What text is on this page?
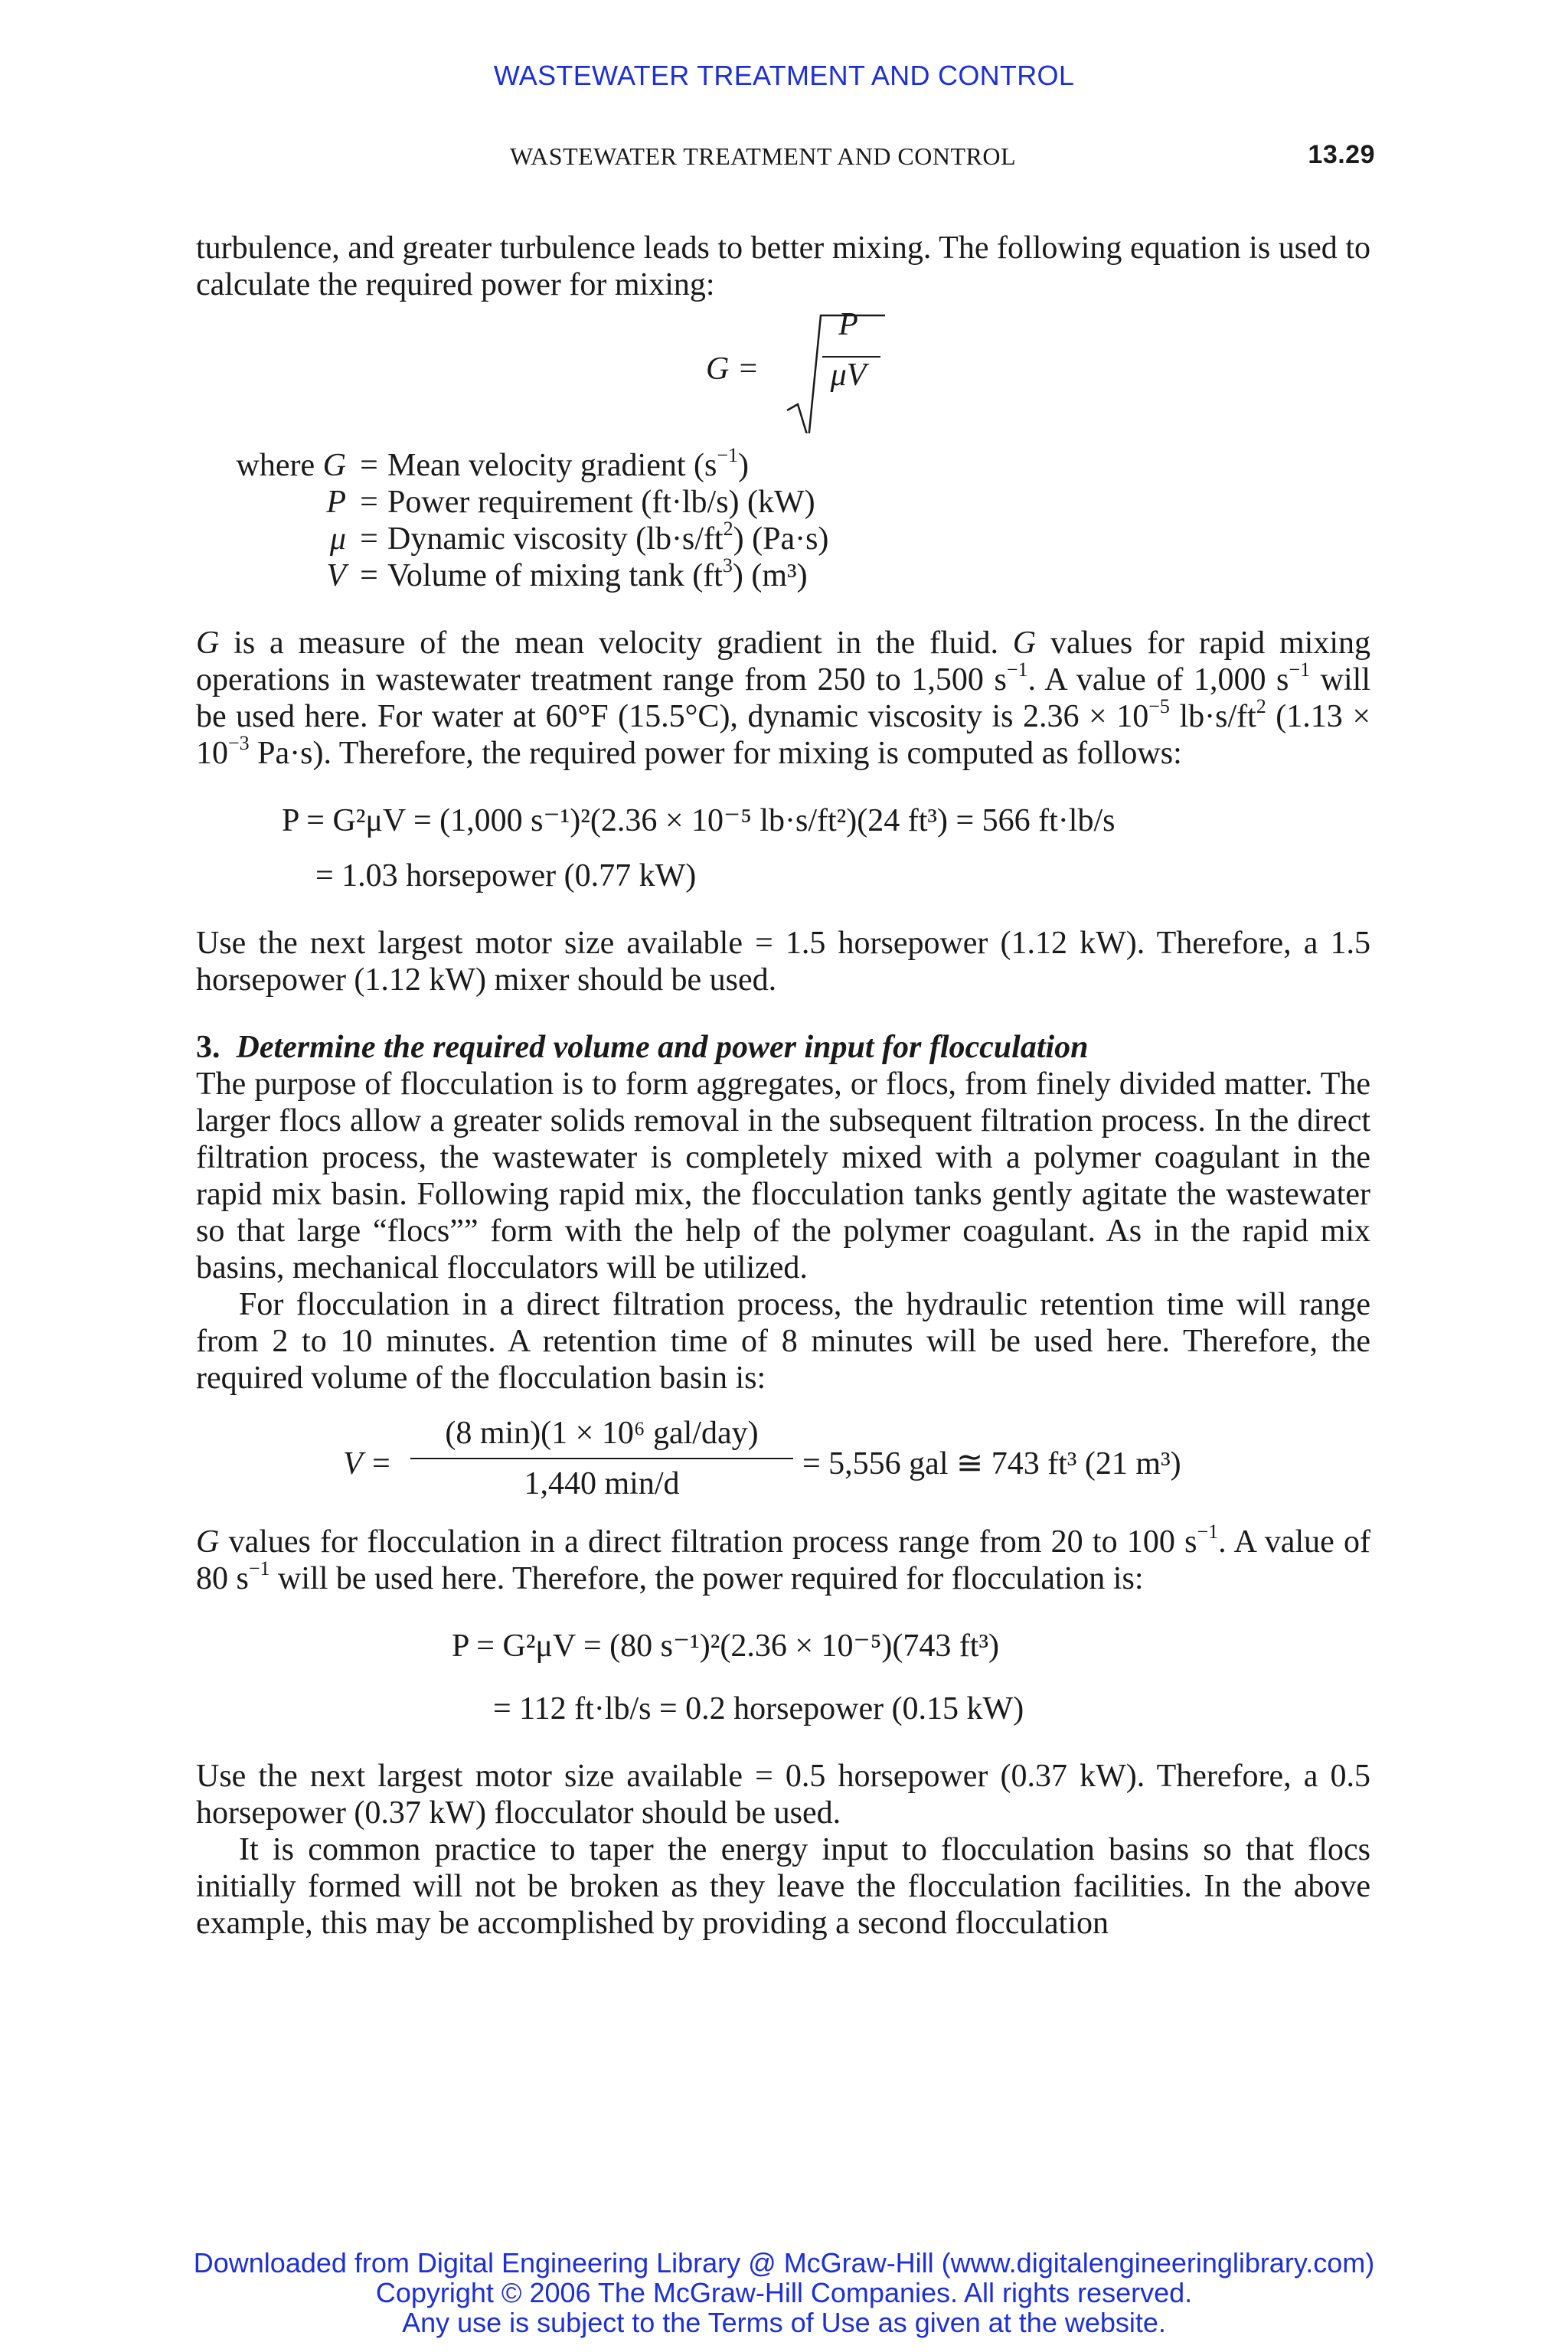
WASTEWATER TREATMENT AND CONTROL
WASTEWATER TREATMENT AND CONTROL	13.29

turbulence, and greater turbulence leads to better mixing. The following equation is used to calculate the required power for mixing:

G =
P
μV
where G = Mean velocity gradient $(s^{-1})$
P = Power requirement (ft·lb/s) (kW)
μ = Dynamic viscosity $(lb\cdot s/ft^2)$ (Pa·s)
V = Volume of mixing tank $(ft^3)$ (m³)

G is a measure of the mean velocity gradient in the fluid. G values for rapid mixing operations in wastewater treatment range from 250 to 1,500 $s^{-1}$. A value of 1,000 $s^{-1}$ will be used here. For water at 60°F (15.5°C), dynamic viscosity is $2.36 \times 10^{-5}$ $lb\cdot s/ft^2$ ($1.13 \times 10^{-3}$ Pa·s). Therefore, the required power for mixing is computed as follows:

P = G²μV = (1,000 s⁻¹)²(2.36 × 10⁻⁵ lb·s/ft²)(24 ft³) = 566 ft·lb/s
= 1.03 horsepower (0.77 kW)

Use the next largest motor size available = 1.5 horsepower (1.12 kW). Therefore, a 1.5 horsepower (1.12 kW) mixer should be used.

3. Determine the required volume and power input for flocculation

The purpose of flocculation is to form aggregates, or flocs, from finely divided matter. The larger flocs allow a greater solids removal in the subsequent filtration process. In the direct filtration process, the wastewater is completely mixed with a polymer coagulant in the rapid mix basin. Following rapid mix, the flocculation tanks gently agitate the wastewater so that large “flocs”” form with the help of the polymer coagulant. As in the rapid mix basins, mechanical flocculators will be utilized.

For flocculation in a direct filtration process, the hydraulic retention time will range from 2 to 10 minutes. A retention time of 8 minutes will be used here. Therefore, the required volume of the flocculation basin is:

V =
(8 min)(1 × 10⁶ gal/day)
1,440 min/d
= 5,556 gal ≅ 743 ft³ (21 m³)

G values for flocculation in a direct filtration process range from 20 to 100 $s^{-1}$. A value of 80 $s^{-1}$ will be used here. Therefore, the power required for flocculation is:

P = G²μV = (80 s⁻¹)²(2.36 × 10⁻⁵)(743 ft³)
= 112 ft·lb/s = 0.2 horsepower (0.15 kW)

Use the next largest motor size available = 0.5 horsepower (0.37 kW). Therefore, a 0.5 horsepower (0.37 kW) flocculator should be used.

It is common practice to taper the energy input to flocculation basins so that flocs initially formed will not be broken as they leave the flocculation facilities. In the above example, this may be accomplished by providing a second flocculation

Downloaded from Digital Engineering Library @ McGraw-Hill (www.digitalengineeringlibrary.com)
Copyright © 2006 The McGraw-Hill Companies. All rights reserved.
Any use is subject to the Terms of Use as given at the website.
